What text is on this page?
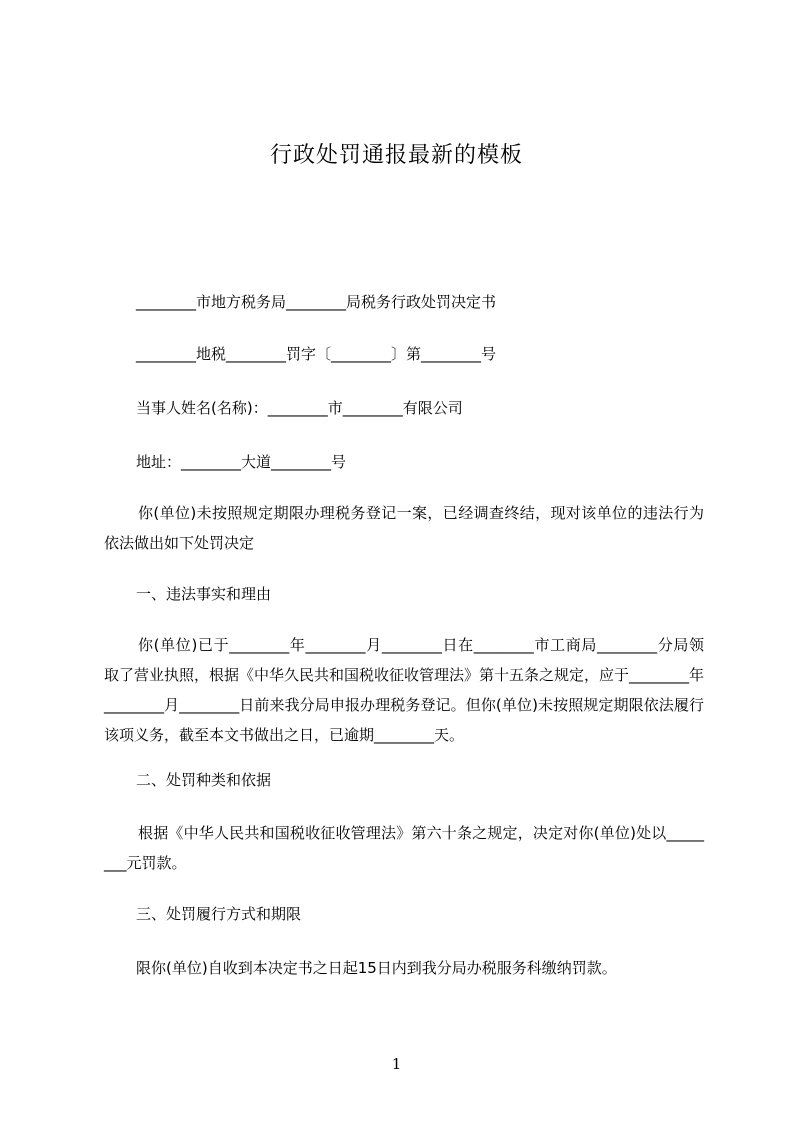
行政处罚通报最新的模板
________市地方税务局________局税务行政处罚决定书
________地税________罚字〔________〕第________号
当事人姓名(名称)：________市________有限公司
地址：________大道________号
你(单位)未按照规定期限办理税务登记一案，已经调查终结，现对该单位的违法行为依法做出如下处罚决定
一、违法事实和理由
你(单位)已于________年________月________日在________市工商局________分局领取了营业执照，根据《中华久民共和国税收征收管理法》第十五条之规定，应于________年________月________日前来我分局申报办理税务登记。但你(单位)未按照规定期限依法履行该项义务，截至本文书做出之日，已逾期________天。
二、处罚种类和依据
根据《中华人民共和国税收征收管理法》第六十条之规定，决定对你(单位)处以________元罚款。
三、处罚履行方式和期限
限你(单位)自收到本决定书之日起15日内到我分局办税服务科缴纳罚款。
1
